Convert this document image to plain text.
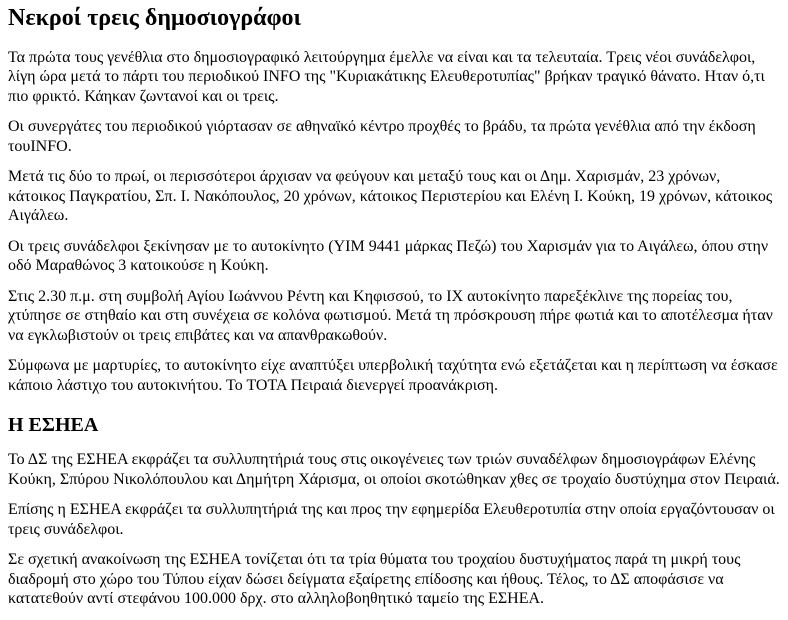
Νεκροί τρεις δημοσιογράφοι

Τα πρώτα τους γενέθλια στο δημοσιογραφικό λειτούργημα έμελλε να είναι και τα τελευταία. Τρεις νέοι συνάδελφοι, λίγη ώρα μετά το πάρτι του περιοδικού INFO της "Κυριακάτικης Ελευθεροτυπίας" βρήκαν τραγικό θάνατο. Ηταν ό,τι πιο φρικτό. Κάηκαν ζωντανοί και οι τρεις.

Οι συνεργάτες του περιοδικού γιόρτασαν σε αθηναϊκό κέντρο προχθές το βράδυ, τα πρώτα γενέθλια από την έκδοση τουINFO.

Μετά τις δύο το πρωί, οι περισσότεροι άρχισαν να φεύγουν και μεταξύ τους και οι Δημ. Χαρισμάν, 23 χρόνων, κάτοικος Παγκρατίου, Σπ. Ι. Νακόπουλος, 20 χρόνων, κάτοικος Περιστερίου και Ελένη Ι. Κούκη, 19 χρόνων, κάτοικος Αιγάλεω.

Οι τρεις συνάδελφοι ξεκίνησαν με το αυτοκίνητο (ΥΙΜ 9441 μάρκας Πεζώ) του Χαρισμάν για το Αιγάλεω, όπου στην οδό Μαραθώνος 3 κατοικούσε η Κούκη.

Στις 2.30 π.μ. στη συμβολή Αγίου Ιωάννου Ρέντη και Κηφισσού, το ΙΧ αυτοκίνητο παρεξέκλινε της πορείας του, χτύπησε σε στηθαίο και στη συνέχεια σε κολόνα φωτισμού. Μετά τη πρόσκρουση πήρε φωτιά και το αποτέλεσμα ήταν να εγκλωβιστούν οι τρεις επιβάτες και να απανθρακωθούν.

Σύμφωνα με μαρτυρίες, το αυτοκίνητο είχε αναπτύξει υπερβολική ταχύτητα ενώ εξετάζεται και η περίπτωση να έσκασε κάποιο λάστιχο του αυτοκινήτου. Το ΤΟΤΑ Πειραιά διενεργεί προανάκριση.

Η ΕΣΗΕΑ

Το ΔΣ της ΕΣΗΕΑ εκφράζει τα συλλυπητήριά τους στις οικογένειες των τριών συναδέλφων δημοσιογράφων Ελένης Κούκη, Σπύρου Νικολόπουλου και Δημήτρη Χάρισμα, οι οποίοι σκοτώθηκαν χθες σε τροχαίο δυστύχημα στον Πειραιά.

Επίσης η ΕΣΗΕΑ εκφράζει τα συλλυπητήριά της και προς την εφημερίδα Ελευθεροτυπία στην οποία εργαζόντουσαν οι τρεις συνάδελφοι.

Σε σχετική ανακοίνωση της ΕΣΗΕΑ τονίζεται ότι τα τρία θύματα του τροχαίου δυστυχήματος παρά τη μικρή τους διαδρομή στο χώρο του Τύπου είχαν δώσει δείγματα εξαίρετης επίδοσης και ήθους. Τέλος, το ΔΣ αποφάσισε να κατατεθούν αντί στεφάνου 100.000 δρχ. στο αλληλοβοηθητικό ταμείο της ΕΣΗΕΑ.
